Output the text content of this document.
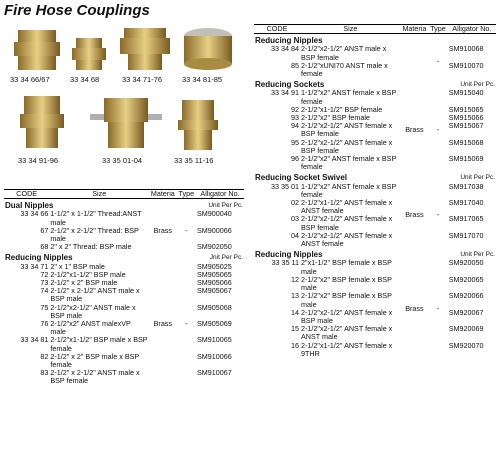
Fire Hose Couplings
33 34 66/67	33 34 68	33 34 71-76	33 34 81-85
33 34 91-96	33 35 01-04	33 35 11-16
CODE	Size	Materia	Type	Alligator No.
Dual Nipples			Unit Per Pc.	
33 34 66	1-1/2" x 1-1/2" Thread:ANST male	Brass	-	SM900040
67	2-1/2" x 2-1/2" Thread: BSP male			SM900066
68	2" x 2" Thread: BSP male			SM902050
Reducing Nipples			Jnit Per Pc.	
33 34 71	2" x 1" BSP male	Brass	-	SM905025
72	2-1/2"x1-1/2" BSP male			SM905065
73	2-1/2" x 2" BSP male			SM905066
74	2-1/2" x 2-1/2" ANST male x BSP male			SM905067
75	2-1/2"x2-1/2" ANST male x BSP male			SM905068
76	2-1/2"x2" ANST malexVP male			SM905069
33 34 81	2-1/2"x1-1/2" BSP male x BSP female			SM910065
82	2-1/2" x 2" BSP male x BSP female			SM910066
83	2-1/2" x 2-1/2" ANST male x BSP female			SM910067
CODE	Size	Materia	Type	Alligator No.
Reducing Nipples				
33 34 84	2-1/2"x2-1/2" ANST male x BSP female		-	SM910068
85	2-1/2"xUNI70 ANST male x female			SM910070
Reducing Sockets			Unit Per Pc.	
33 34 91	1-1/2"x2" ANST female x BSP female	Brass	-	SM915040
92	2-1/2"x1-1/2" BSP female			SM915065
93	2-1/2"x2" BSP female			SM915066
94	2-1/2"x2-1/2" ANST female x BSP female			SM915067
95	2-1/2"x2-1/2" ANST female x BSP female			SM915068
96	2-1/2"x2" ANST female x BSP female			SM915069
Reducing Socket Swivel			Unit Per Pc.	
33 35 01	1-1/2"x2" ANST female x BSP female	Brass	-	SM917038
02	2-1/2"x1-1/2" ANST female x ANST female			SM917040
03	2-1/2"x2-1/2" ANST female x BSP female			SM917065
04	2-1/2"x2-1/2" ANST female x ANST female			SM917070
Reducing Nipples			Unit Per Pc.	
33 35 11	2"x1-1/2" BSP female x BSP male	Brass	-	SM920050
12	2-1/2"x2" BSP female x BSP male			SM920065
13	2-1/2"x2" BSP female x BSP male			SM920066
14	2-1/2"x2-1/2" ANST female x BSP male			SM920067
15	2-1/2"x2-1/2" ANST female x ANST male			SM920069
16	2-1/2"x1-1/2" ANST female x 9THR			SM920070
